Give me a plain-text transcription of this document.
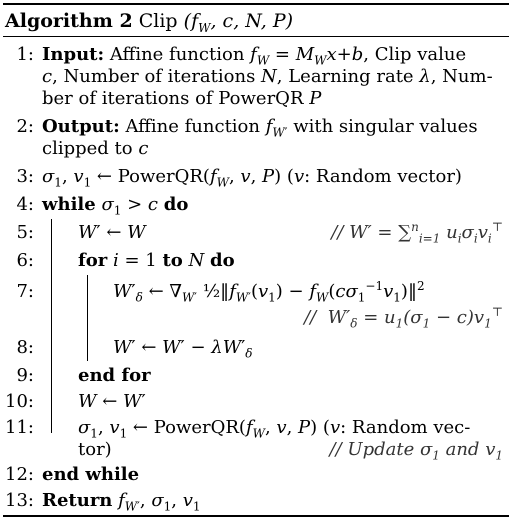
Algorithm 2 Clip ($f_W$, c, N, P)
1: Input: Affine function $f_W = M_Wx+b$, Clip value
c, Number of iterations N, Learning rate λ, Num-
ber of iterations of PowerQR P
2: Output: Affine function $f_{W'}$ with singular values
clipped to c
3: $\sigma_1$, $v_1$ ← $PowerQR(f_W$, v, P) (v: Random vector)
4: while $\sigma_1 > c$ do
5: W′ ← W	// W′ = ∑$^n_{i=1}$ $u_i\sigma_iv_i^⊤$
6: for i = 1 to N do
7:	$W'_\delta$ ← $\nabla_{W'}$ $\frac{1}{2}‖f_{W'}(v_1)$ − $f_W(c\sigma_1^{-1}v_1)‖^2$
//  $W'_\delta = u_1(\sigma_1 - c)v_1^⊤$
8:	W′ ← $W' - \lambda W'_\delta$
9: end for
10: W ← W′
11: $\sigma_1$, $v_1$ ← $PowerQR(f_W$, v, P) (v: Random vec-
tor)	// Update $\sigma_1$ and $v_1$
12: end while
13: Return $f_{W'}$, $\sigma_1$, $v_1$
